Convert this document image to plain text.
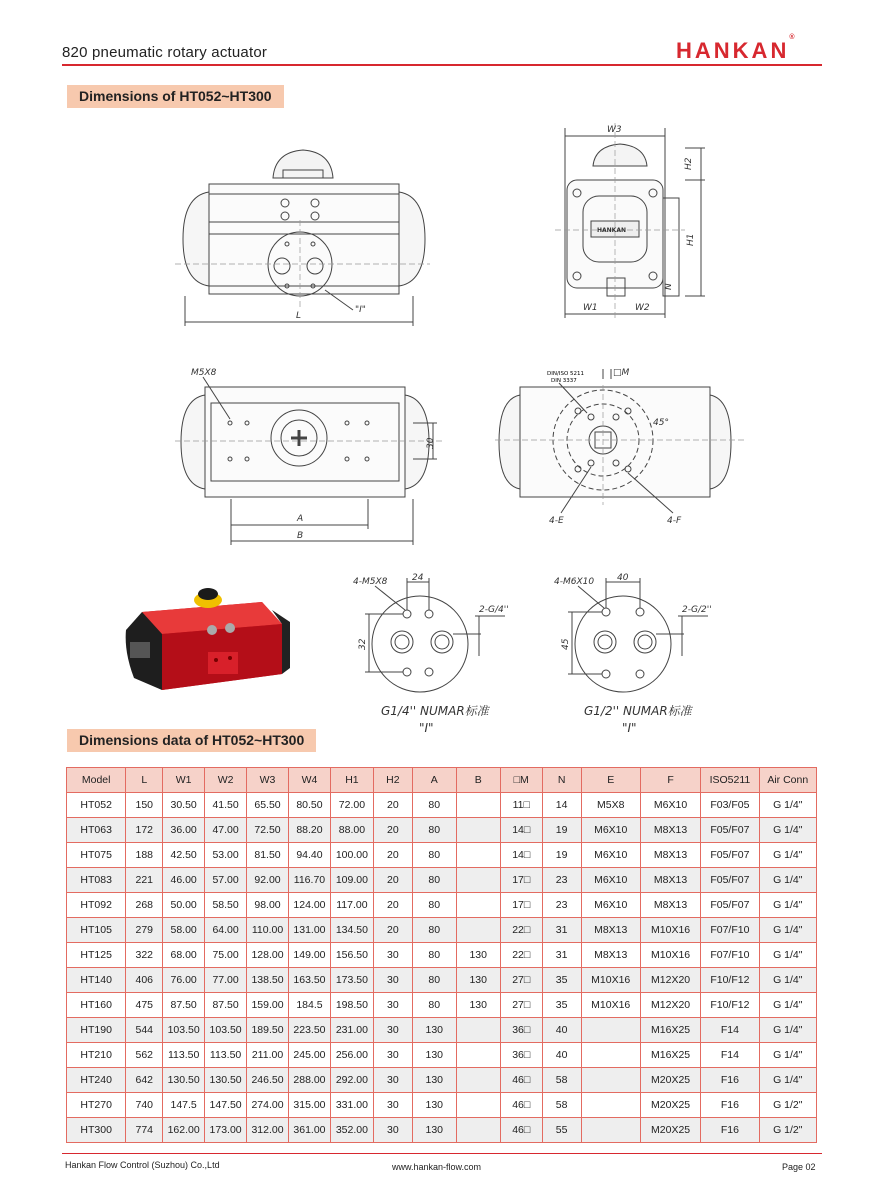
820 pneumatic rotary actuator	HANKAN®
Dimensions of HT052~HT300
L
"I"
W3
H2
H1
N
W1	W2
HANKAN
M5X8
30
A
B
DIN/ISO 5211
DIN 3337
□M
45°
4-E	4-F
4-M5X8	24
2-G/4''
32
G1/4'' NUMAR标准
"I"
4-M6X10	40
2-G/2''
45
G1/2'' NUMAR标准
"I"
Dimensions data of HT052~HT300
Model	L	W1	W2	W3	W4	H1	H2	A	B	□M	N	E	F	ISO5211	Air Conn
HT052	150	30.50	41.50	65.50	80.50	72.00	20	80		11□	14	M5X8	M6X10	F03/F05	G 1/4"
HT063	172	36.00	47.00	72.50	88.20	88.00	20	80		14□	19	M6X10	M8X13	F05/F07	G 1/4"
HT075	188	42.50	53.00	81.50	94.40	100.00	20	80		14□	19	M6X10	M8X13	F05/F07	G 1/4"
HT083	221	46.00	57.00	92.00	116.70	109.00	20	80		17□	23	M6X10	M8X13	F05/F07	G 1/4"
HT092	268	50.00	58.50	98.00	124.00	117.00	20	80		17□	23	M6X10	M8X13	F05/F07	G 1/4"
HT105	279	58.00	64.00	110.00	131.00	134.50	20	80		22□	31	M8X13	M10X16	F07/F10	G 1/4"
HT125	322	68.00	75.00	128.00	149.00	156.50	30	80	130	22□	31	M8X13	M10X16	F07/F10	G 1/4"
HT140	406	76.00	77.00	138.50	163.50	173.50	30	80	130	27□	35	M10X16	M12X20	F10/F12	G 1/4"
HT160	475	87.50	87.50	159.00	184.5	198.50	30	80	130	27□	35	M10X16	M12X20	F10/F12	G 1/4"
HT190	544	103.50	103.50	189.50	223.50	231.00	30	130		36□	40		M16X25	F14	G 1/4"
HT210	562	113.50	113.50	211.00	245.00	256.00	30	130		36□	40		M16X25	F14	G 1/4"
HT240	642	130.50	130.50	246.50	288.00	292.00	30	130		46□	58		M20X25	F16	G 1/4"
HT270	740	147.5	147.50	274.00	315.00	331.00	30	130		46□	58		M20X25	F16	G 1/2"
HT300	774	162.00	173.00	312.00	361.00	352.00	30	130		46□	55		M20X25	F16	G 1/2"
Hankan Flow Control (Suzhou) Co.,Ltd	www.hankan-flow.com	Page 02
